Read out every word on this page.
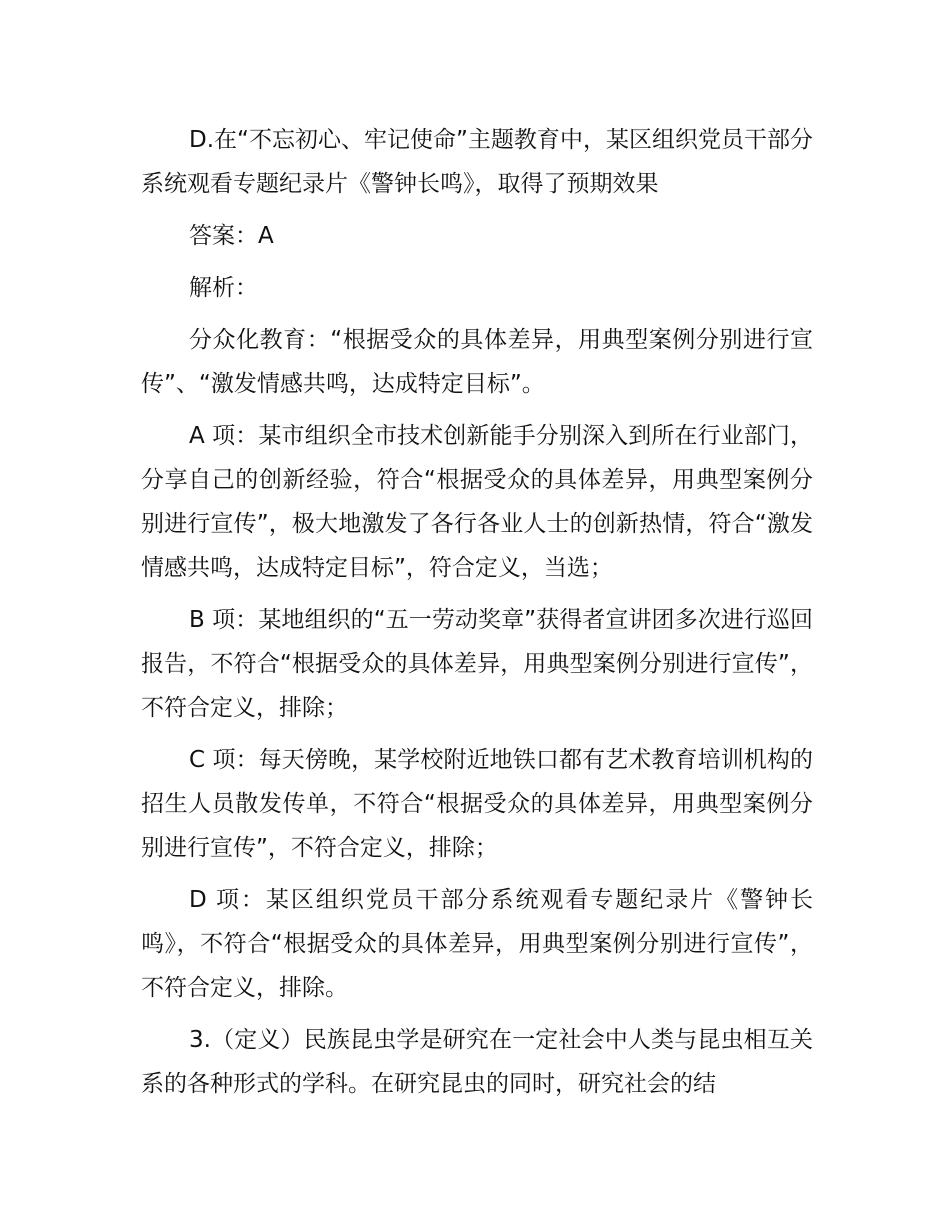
D.在“不忘初心、牢记使命”主题教育中，某区组织党员干部分系统观看专题纪录片《警钟长鸣》，取得了预期效果

答案：A

解析：

分众化教育：“根据受众的具体差异，用典型案例分别进行宣传”、“激发情感共鸣，达成特定目标”。

A 项：某市组织全市技术创新能手分别深入到所在行业部门，分享自己的创新经验，符合“根据受众的具体差异，用典型案例分别进行宣传”，极大地激发了各行各业人士的创新热情，符合“激发情感共鸣，达成特定目标”，符合定义，当选；

B 项：某地组织的“五一劳动奖章”获得者宣讲团多次进行巡回报告，不符合“根据受众的具体差异，用典型案例分别进行宣传”，不符合定义，排除；

C 项：每天傍晚，某学校附近地铁口都有艺术教育培训机构的招生人员散发传单，不符合“根据受众的具体差异，用典型案例分别进行宣传”，不符合定义，排除；

D 项：某区组织党员干部分系统观看专题纪录片《警钟长鸣》，不符合“根据受众的具体差异，用典型案例分别进行宣传”，不符合定义，排除。

3.（定义）民族昆虫学是研究在一定社会中人类与昆虫相互关系的各种形式的学科。在研究昆虫的同时，研究社会的结
